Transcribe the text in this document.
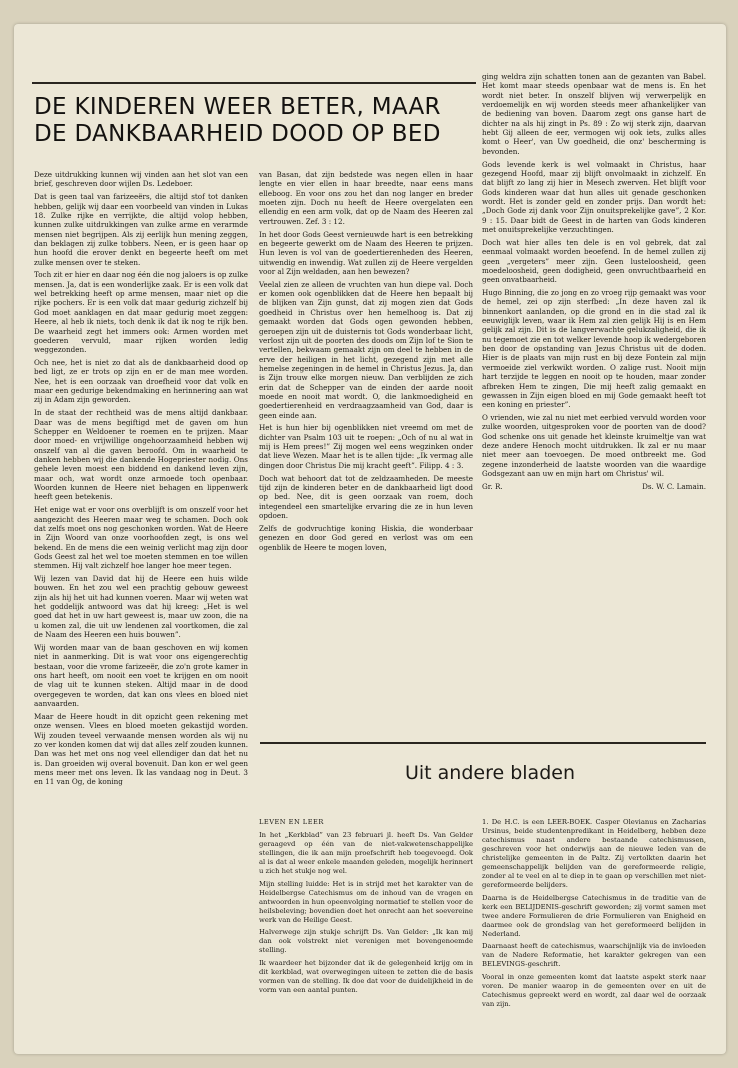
DE KINDEREN WEER BETER, MAAR DE DANKBAARHEID DOOD OP BED

Deze uitdrukking kunnen wij vinden aan het slot van een brief, geschreven door wijlen Ds. Ledeboer.

Dat is geen taal van farizeeërs, die altijd stof tot danken hebben, gelijk wij daar een voorbeeld van vinden in Lukas 18. Zulke rijke en verrijkte, die altijd volop hebben, kunnen zulke uitdrukkingen van zulke arme en verarmde mensen niet begrijpen. Als zij eerlijk hun mening zeggen, dan beklagen zij zulke tobbers. Neen, er is geen haar op hun hoofd die erover denkt en begeerte heeft om met zulke mensen over te steken.

Toch zit er hier en daar nog één die nog jaloers is op zulke mensen. Ja, dat is een wonderlijke zaak. Er is een volk dat wel betrekking heeft op arme mensen, maar niet op die rijke pochers. Er is een volk dat maar gedurig zichzelf bij God moet aanklagen en dat maar gedurig moet zeggen: Heere, al heb ik niets, toch denk ik dat ik nog te rijk ben. De waarheid zegt het immers ook: Armen worden met goederen vervuld, maar rijken worden ledig weggezonden.

Och nee, het is niet zo dat als de dankbaarheid dood op bed ligt, ze er trots op zijn en er de man mee worden. Nee, het is een oorzaak van droefheid voor dat volk en maar een gedurige bekendmaking en herinnering aan wat zij in Adam zijn geworden.

In de staat der rechtheid was de mens altijd dankbaar. Daar was de mens begiftigd met de gaven om hun Schepper en Weldoener te roemen en te prijzen. Maar door moed- en vrijwillige ongehoorzaamheid hebben wij onszelf van al die gaven beroofd. Om in waarheid te danken hebben wij die dankende Hogepriester nodig. Ons gehele leven moest een biddend en dankend leven zijn, maar och, wat wordt onze armoede toch openbaar. Woorden kunnen de Heere niet behagen en lippenwerk heeft geen betekenis.

Het enige wat er voor ons overblijft is om onszelf voor het aangezicht des Heeren maar weg te schamen. Doch ook dat zelfs moet ons nog geschonken worden. Wat de Heere in Zijn Woord van onze voorhoofden zegt, is ons wel bekend. En de mens die een weinig verlicht mag zijn door Gods Geest zal het wel toe moeten stemmen en toe willen stemmen. Hij valt zichzelf hoe langer hoe meer tegen.

Wij lezen van David dat hij de Heere een huis wilde bouwen. En het zou wel een prachtig gebouw geweest zijn als hij het uit had kunnen voeren. Maar wij weten wat het goddelijk antwoord was dat hij kreeg: „Het is wel goed dat het in uw hart geweest is, maar uw zoon, die na u komen zal, die uit uw lendenen zal voortkomen, die zal de Naam des Heeren een huis bouwen”.

Wij worden maar van de baan geschoven en wij komen niet in aanmerking. Dit is wat voor ons eigengerechtig bestaan, voor die vrome farizeeër, die zo'n grote kamer in ons hart heeft, om nooit een voet te krijgen en om nooit de vlag uit te kunnen steken. Altijd maar in de dood overgegeven te worden, dat kan ons vlees en bloed niet aanvaarden.

Maar de Heere houdt in dit opzicht geen rekening met onze wensen. Vlees en bloed moeten gekastijd worden. Wij zouden teveel verwaande mensen worden als wij nu zo ver konden komen dat wij dat alles zelf zouden kunnen. Dan was het met ons nog veel ellendiger dan dat het nu is. Dan groeiden wij overal bovenuit. Dan kon er wel geen mens meer met ons leven. Ik las vandaag nog in Deut. 3 en 11 van Og, de koning

van Basan, dat zijn bedstede was negen ellen in haar lengte en vier ellen in haar breedte, naar eens mans elleboog. En voor ons zou het dan nog langer en breder moeten zijn. Doch nu heeft de Heere overgelaten een ellendig en een arm volk, dat op de Naam des Heeren zal vertrouwen. Zef. 3 : 12.

In het door Gods Geest vernieuwde hart is een betrekking en begeerte gewerkt om de Naam des Heeren te prijzen. Hun leven is vol van de goedertierenheden des Heeren, uitwendig en inwendig. Wat zullen zij de Heere vergelden voor al Zijn weldaden, aan hen bewezen?

Veelal zien ze alleen de vruchten van hun diepe val. Doch er komen ook ogenblikken dat de Heere hen bepaalt bij de blijken van Zijn gunst, dat zij mogen zien dat Gods goedheid in Christus over hen hemelhoog is. Dat zij gemaakt worden dat Gods ogen gewonden hebben, geroepen zijn uit de duisternis tot Gods wonderbaar licht, verlost zijn uit de poorten des doods om Zijn lof te Sion te vertellen, bekwaam gemaakt zijn om deel te hebben in de erve der heiligen in het licht, gezegend zijn met alle hemelse zegeningen in de hemel in Christus Jezus. Ja, dan is Zijn trouw elke morgen nieuw. Dan verblijden ze zich erin dat de Schepper van de einden der aarde nooit moede en nooit mat wordt. O, die lankmoedigheid en goedertierenheid en verdraagzaamheid van God, daar is geen einde aan.

Het is hun hier bij ogenblikken niet vreemd om met de dichter van Psalm 103 uit te roepen: „Och of nu al wat in mij is Hem prees!” Zij mogen wel eens wegzinken onder dat lieve Wezen. Maar het is te allen tijde: „Ik vermag alle dingen door Christus Die mij kracht geeft”. Filipp. 4 : 3.

Doch wat behoort dat tot de zeldzaamheden. De meeste tijd zijn de kinderen beter en de dankbaarheid ligt dood op bed. Nee, dit is geen oorzaak van roem, doch integendeel een smartelijke ervaring die ze in hun leven opdoen.

Zelfs de godvruchtige koning Hiskia, die wonderbaar genezen en door God gered en verlost was om een ogenblik de Heere te mogen loven,

ging weldra zijn schatten tonen aan de gezanten van Babel. Het komt maar steeds openbaar wat de mens is. En het wordt niet beter. In onszelf blijven wij verwerpelijk en verdoemelijk en wij worden steeds meer afhankelijker van de bediening van boven. Daarom zegt ons ganse hart de dichter na als hij zingt in Ps. 89 : Zo wij sterk zijn, daarvan hebt Gij alleen de eer, vermogen wij ook iets, zulks alles komt o Heer', van Uw goedheid, die onz' bescherming is bevonden.

Gods levende kerk is wel volmaakt in Christus, haar gezegend Hoofd, maar zij blijft onvolmaakt in zichzelf. En dat blijft zo lang zij hier in Mesech zwerven. Het blijft voor Gods kinderen waar dat hun alles uit genade geschonken wordt. Het is zonder geld en zonder prijs. Dan wordt het: „Doch Gode zij dank voor Zijn onuitsprekelijke gave”, 2 Kor. 9 : 15. Daar bidt de Geest in de harten van Gods kinderen met onuitsprekelijke verzuchtingen.

Doch wat hier alles ten dele is en vol gebrek, dat zal eenmaal volmaakt worden beoefend. In de hemel zullen zij geen „vergeters” meer zijn. Geen lusteloosheid, geen moedeloosheid, geen dodigheid, geen onvruchtbaarheid en geen onvatbaarheid.

Hugo Binning, die zo jong en zo vroeg rijp gemaakt was voor de hemel, zei op zijn sterfbed: „In deze haven zal ik binnenkort aanlanden, op die grond en in die stad zal ik eeuwiglijk leven, waar ik Hem zal zien gelijk Hij is en Hem gelijk zal zijn. Dit is de langverwachte gelukzaligheid, die ik nu tegemoet zie en tot welker levende hoop ik wedergeboren ben door de opstanding van Jezus Christus uit de doden. Hier is de plaats van mijn rust en bij deze Fontein zal mijn vermoeide ziel verkwikt worden. O zalige rust. Nooit mijn hart terzijde te leggen en nooit op te houden, maar zonder afbreken Hem te zingen, Die mij heeft zalig gemaakt en gewassen in Zijn eigen bloed en mij Gode gemaakt heeft tot een koning en priester”.

O vrienden, wie zal nu niet met eerbied vervuld worden voor zulke woorden, uitgesproken voor de poorten van de dood? God schenke ons uit genade het kleinste kruimeltje van wat deze andere Henoch mocht uitdrukken. Ik zal er nu maar niet meer aan toevoegen. De moed ontbreekt me. God zegene inzonderheid de laatste woorden van die waardige Godsgezant aan uw en mijn hart om Christus' wil.

Gr. R.	Ds. W. C. Lamain.

Uit andere bladen

LEVEN EN LEER

In het „Kerkblad” van 23 februari jl. heeft Ds. Van Gelder geraagevd op één van de niet-vakwetenschappelijke stellingen, die ik aan mijn proefschrift heb toegevoegd. Ook al is dat al weer enkele maanden geleden, mogelijk herinnert u zich het stukje nog wel.

Mijn stelling luidde: Het is in strijd met het karakter van de Heidelbergse Catechismus om de inhoud van de vragen en antwoorden in hun opeenvolging normatief te stellen voor de heilsbeleving; bovendien doet het onrecht aan het soevereine werk van de Heilige Geest.

Halverwege zijn stukje schrijft Ds. Van Gelder: „Ik kan mij dan ook volstrekt niet verenigen met bovengenoemde stelling.

Ik waardeer het bijzonder dat ik de gelegenheid krijg om in dit kerkblad, wat overwegingen uiteen te zetten die de basis vormen van de stelling. Ik doe dat voor de duidelijkheid in de vorm van een aantal punten.

1. De H.C. is een LEER-BOEK. Casper Olevianus en Zacharias Ursinus, beide studentenpredikant in Heidelberg, hebben deze catechismus naast andere bestaande catechismussen, geschreven voor het onderwijs aan de nieuwe leden van de christelijke gemeenten in de Paltz. Zij vertolkten daarin het gemeenschappelijk belijden van de gereformeerde religie, zonder al te veel en al te diep in te gaan op verschillen met niet-gereformeerde belijders.

Daarna is de Heidelbergse Catechismus in de traditie van de kerk een BELIJDENIS-geschrift geworden; zij vormt samen met twee andere Formulieren de drie Formulieren van Enigheid en daarmee ook de grondslag van het gereformeerd belijden in Nederland.

Daarnaast heeft de catechismus, waarschijnlijk via de invloeden van de Nadere Reformatie, het karakter gekregen van een BELEVINGS-geschrift.

Vooral in onze gemeenten komt dat laatste aspekt sterk naar voren. De manier waarop in de gemeenten over en uit de Catechismus gepreekt werd en wordt, zal daar wel de oorzaak van zijn.
